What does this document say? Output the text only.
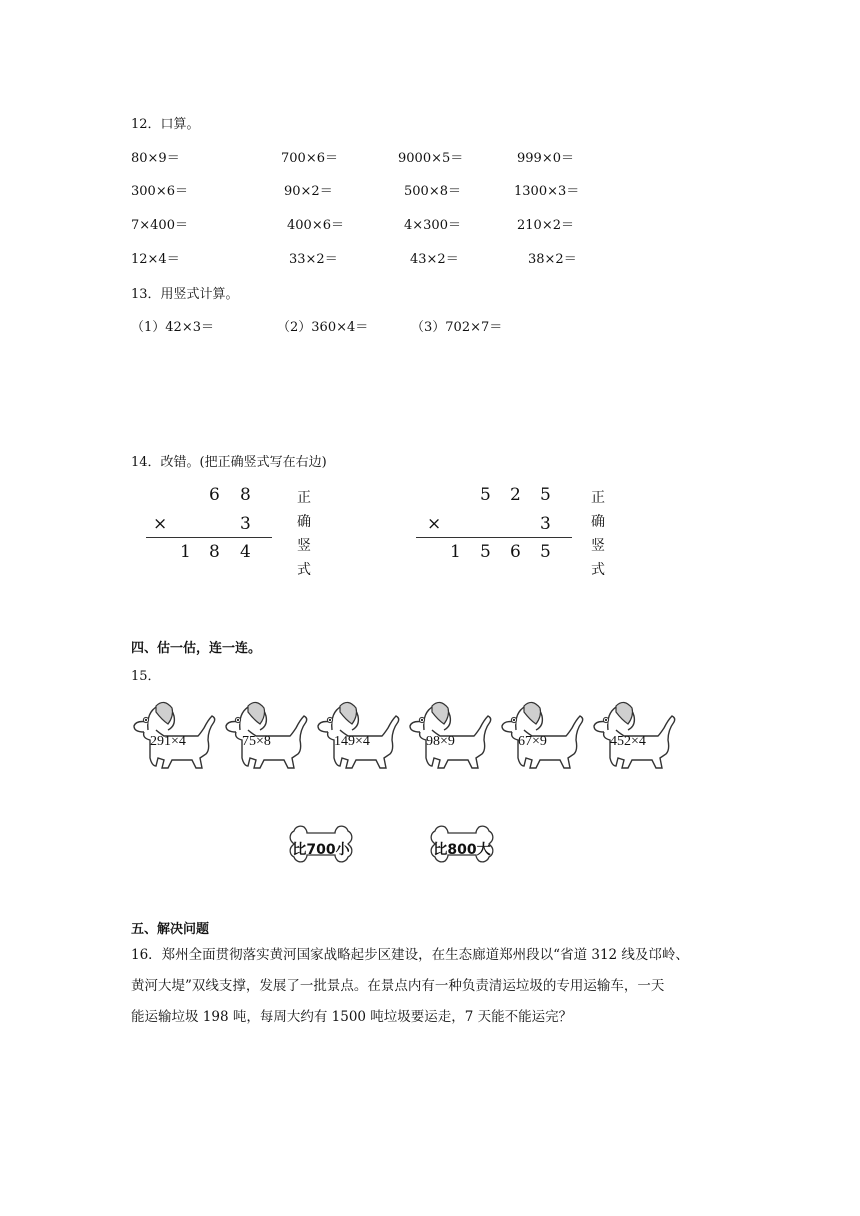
12．口算。
80×9＝	700×6＝	9000×5＝	999×0＝
300×6＝	90×2＝	500×8＝	1300×3＝
7×400＝	400×6＝	4×300＝	210×2＝
12×4＝	33×2＝	43×2＝	38×2＝
13．用竖式计算。
（1）42×3＝	（2）360×4＝	（3）702×7＝
14．改错。(把正确竖式写在右边)
6 8
×	3
1 8 4
正
确
竖
式
5 2 5
×	3
1 5 6 5
正
确
竖
式
四、估一估，连一连。
15．
291×4	75×8	149×4	98×9	67×9	452×4
比700小	比800大
五、解决问题
16．郑州全面贯彻落实黄河国家战略起步区建设，在生态廊道郑州段以“省道 312 线及邙岭、
黄河大堤”双线支撑，发展了一批景点。在景点内有一种负责清运垃圾的专用运输车，一天
能运输垃圾 198 吨，每周大约有 1500 吨垃圾要运走，7 天能不能运完？
